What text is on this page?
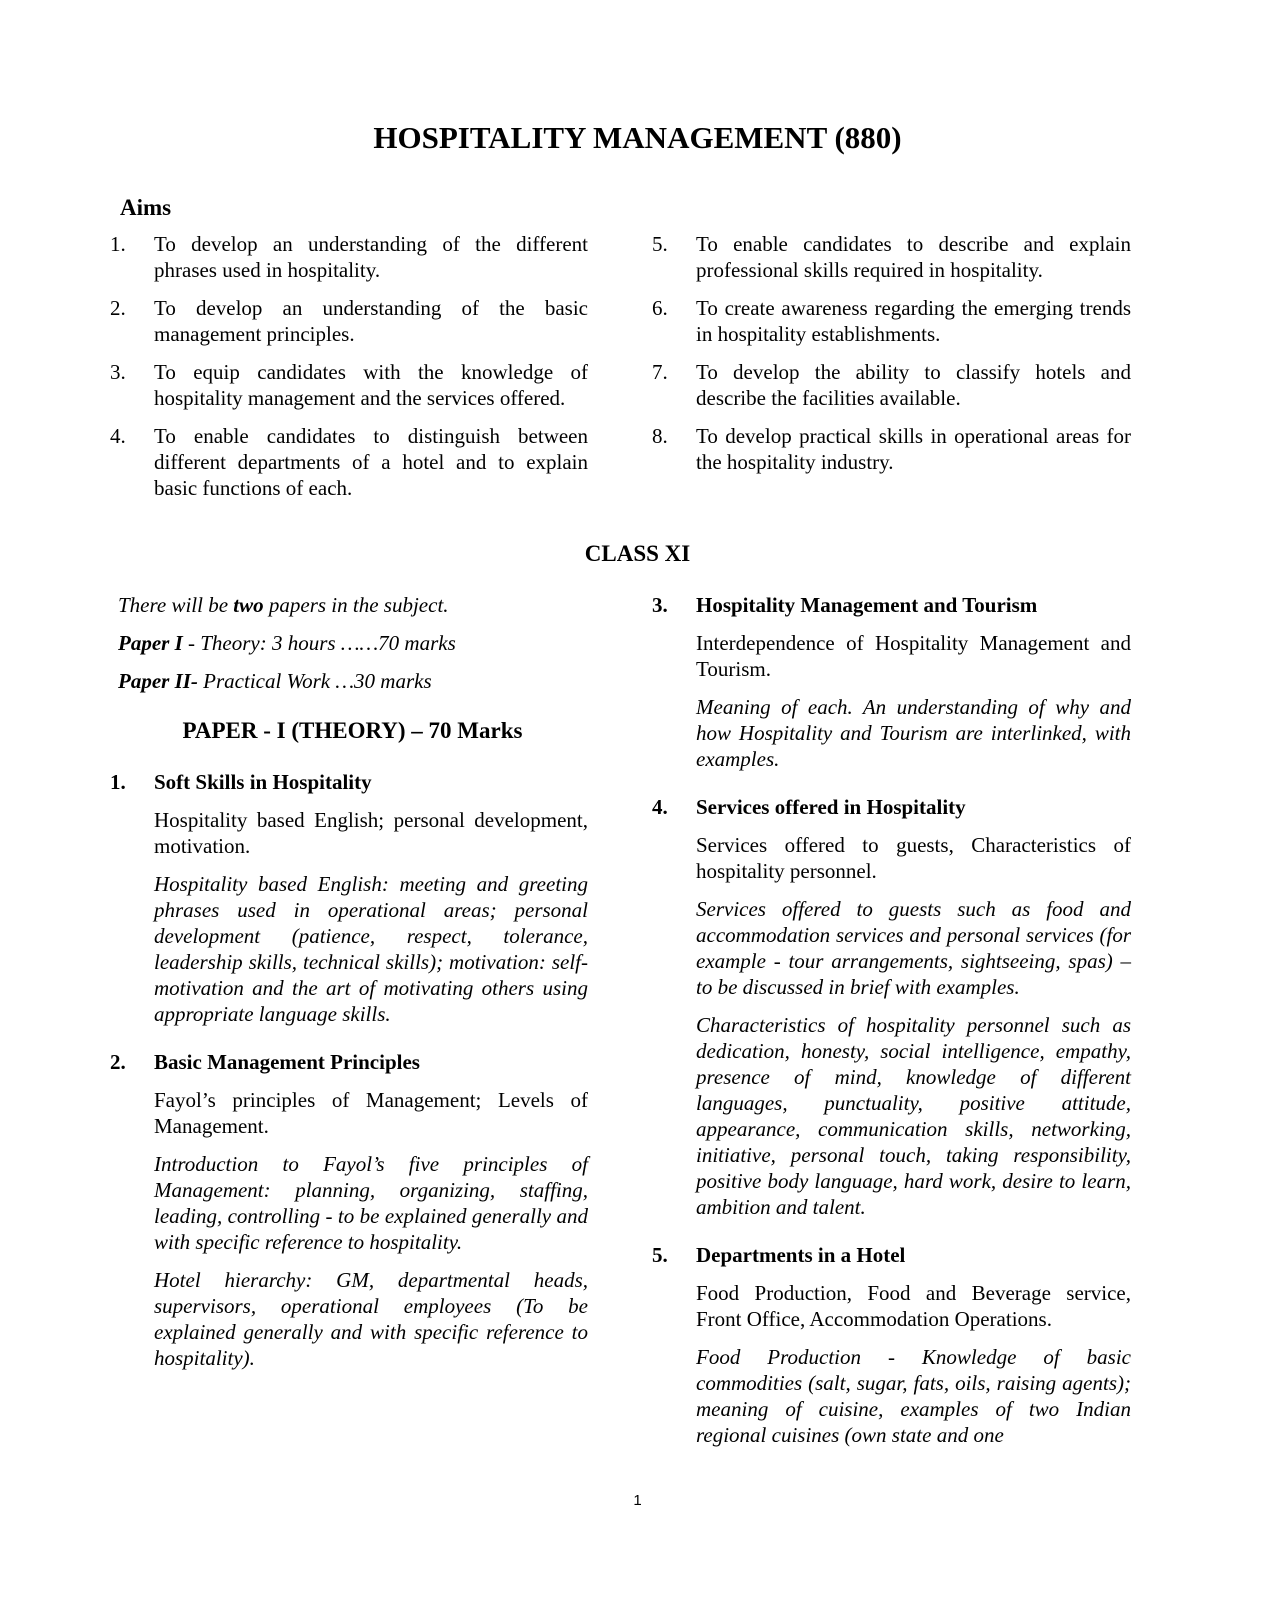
HOSPITALITY MANAGEMENT (880)
Aims
1.	To develop an understanding of the different phrases used in hospitality.
2.	To develop an understanding of the basic management principles.
3.	To equip candidates with the knowledge of hospitality management and the services offered.
4.	To enable candidates to distinguish between different departments of a hotel and to explain basic functions of each.
5.	To enable candidates to describe and explain professional skills required in hospitality.
6.	To create awareness regarding the emerging trends in hospitality establishments.
7.	To develop the ability to classify hotels and describe the facilities available.
8.	To develop practical skills in operational areas for the hospitality industry.
CLASS XI

There will be two papers in the subject.

Paper I - Theory: 3 hours ……70 marks

Paper II- Practical Work …30 marks

PAPER - I (THEORY) – 70 Marks
1.	Soft Skills in Hospitality

Hospitality based English; personal development, motivation.

Hospitality based English: meeting and greeting phrases used in operational areas; personal development (patience, respect, tolerance, leadership skills, technical skills); motivation: self-motivation and the art of motivating others using appropriate language skills.

2.	Basic Management Principles

Fayol’s principles of Management; Levels of Management.

Introduction to Fayol’s five principles of Management: planning, organizing, staffing, leading, controlling - to be explained generally and with specific reference to hospitality.

Hotel hierarchy: GM, departmental heads, supervisors, operational employees (To be explained generally and with specific reference to hospitality).

3.	Hospitality Management and Tourism

Interdependence of Hospitality Management and Tourism.

Meaning of each. An understanding of why and how Hospitality and Tourism are interlinked, with examples.

4.	Services offered in Hospitality

Services offered to guests, Characteristics of hospitality personnel.

Services offered to guests such as food and accommodation services and personal services (for example - tour arrangements, sightseeing, spas) – to be discussed in brief with examples.

Characteristics of hospitality personnel such as dedication, honesty, social intelligence, empathy, presence of mind, knowledge of different languages, punctuality, positive attitude, appearance, communication skills, networking, initiative, personal touch, taking responsibility, positive body language, hard work, desire to learn, ambition and talent.

5.	Departments in a Hotel

Food Production, Food and Beverage service, Front Office, Accommodation Operations.

Food Production - Knowledge of basic commodities (salt, sugar, fats, oils, raising agents); meaning of cuisine, examples of two Indian regional cuisines (own state and one

1
